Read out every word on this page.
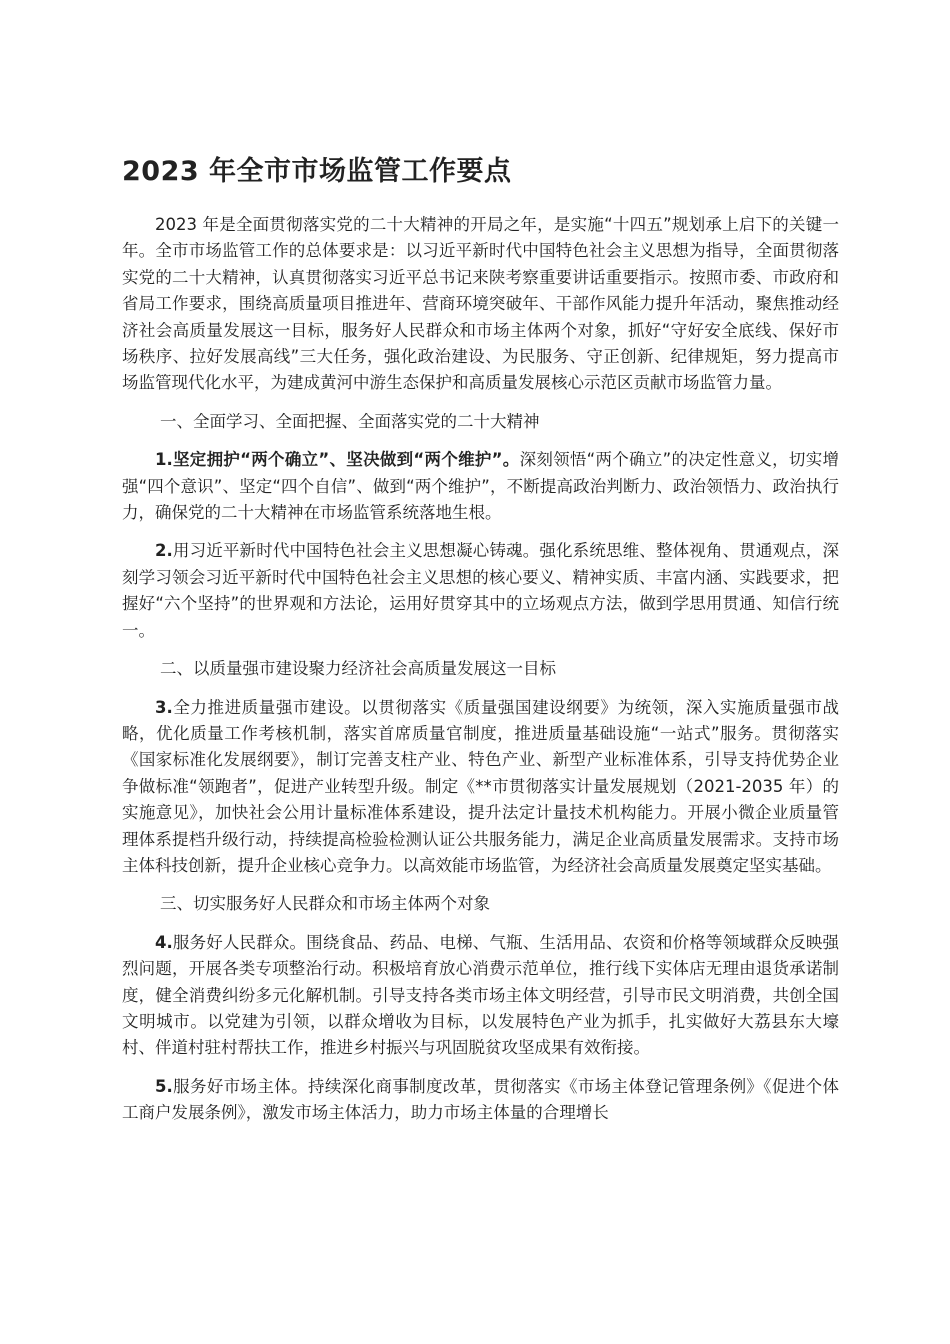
2023 年全市市场监管工作要点

2023 年是全面贯彻落实党的二十大精神的开局之年，是实施“十四五”规划承上启下的关键一年。全市市场监管工作的总体要求是：以习近平新时代中国特色社会主义思想为指导，全面贯彻落实党的二十大精神，认真贯彻落实习近平总书记来陕考察重要讲话重要指示。按照市委、市政府和省局工作要求，围绕高质量项目推进年、营商环境突破年、干部作风能力提升年活动，聚焦推动经济社会高质量发展这一目标，服务好人民群众和市场主体两个对象，抓好“守好安全底线、保好市场秩序、拉好发展高线”三大任务，强化政治建设、为民服务、守正创新、纪律规矩，努力提高市场监管现代化水平，为建成黄河中游生态保护和高质量发展核心示范区贡献市场监管力量。

一、全面学习、全面把握、全面落实党的二十大精神

1.坚定拥护“两个确立”、坚决做到“两个维护”。深刻领悟“两个确立”的决定性意义，切实增强“四个意识”、坚定“四个自信”、做到“两个维护”，不断提高政治判断力、政治领悟力、政治执行力，确保党的二十大精神在市场监管系统落地生根。

2.用习近平新时代中国特色社会主义思想凝心铸魂。强化系统思维、整体视角、贯通观点，深刻学习领会习近平新时代中国特色社会主义思想的核心要义、精神实质、丰富内涵、实践要求，把握好“六个坚持”的世界观和方法论，运用好贯穿其中的立场观点方法，做到学思用贯通、知信行统一。

二、以质量强市建设聚力经济社会高质量发展这一目标

3.全力推进质量强市建设。以贯彻落实《质量强国建设纲要》为统领，深入实施质量强市战略，优化质量工作考核机制，落实首席质量官制度，推进质量基础设施“一站式”服务。贯彻落实《国家标准化发展纲要》，制订完善支柱产业、特色产业、新型产业标准体系，引导支持优势企业争做标准“领跑者”，促进产业转型升级。制定《**市贯彻落实计量发展规划（2021-2035 年）的实施意见》，加快社会公用计量标准体系建设，提升法定计量技术机构能力。开展小微企业质量管理体系提档升级行动，持续提高检验检测认证公共服务能力，满足企业高质量发展需求。支持市场主体科技创新，提升企业核心竞争力。以高效能市场监管，为经济社会高质量发展奠定坚实基础。

三、切实服务好人民群众和市场主体两个对象

4.服务好人民群众。围绕食品、药品、电梯、气瓶、生活用品、农资和价格等领域群众反映强烈问题，开展各类专项整治行动。积极培育放心消费示范单位，推行线下实体店无理由退货承诺制度，健全消费纠纷多元化解机制。引导支持各类市场主体文明经营，引导市民文明消费，共创全国文明城市。以党建为引领，以群众增收为目标，以发展特色产业为抓手，扎实做好大荔县东大壕村、伴道村驻村帮扶工作，推进乡村振兴与巩固脱贫攻坚成果有效衔接。

5.服务好市场主体。持续深化商事制度改革，贯彻落实《市场主体登记管理条例》《促进个体工商户发展条例》，激发市场主体活力，助力市场主体量的合理增长
